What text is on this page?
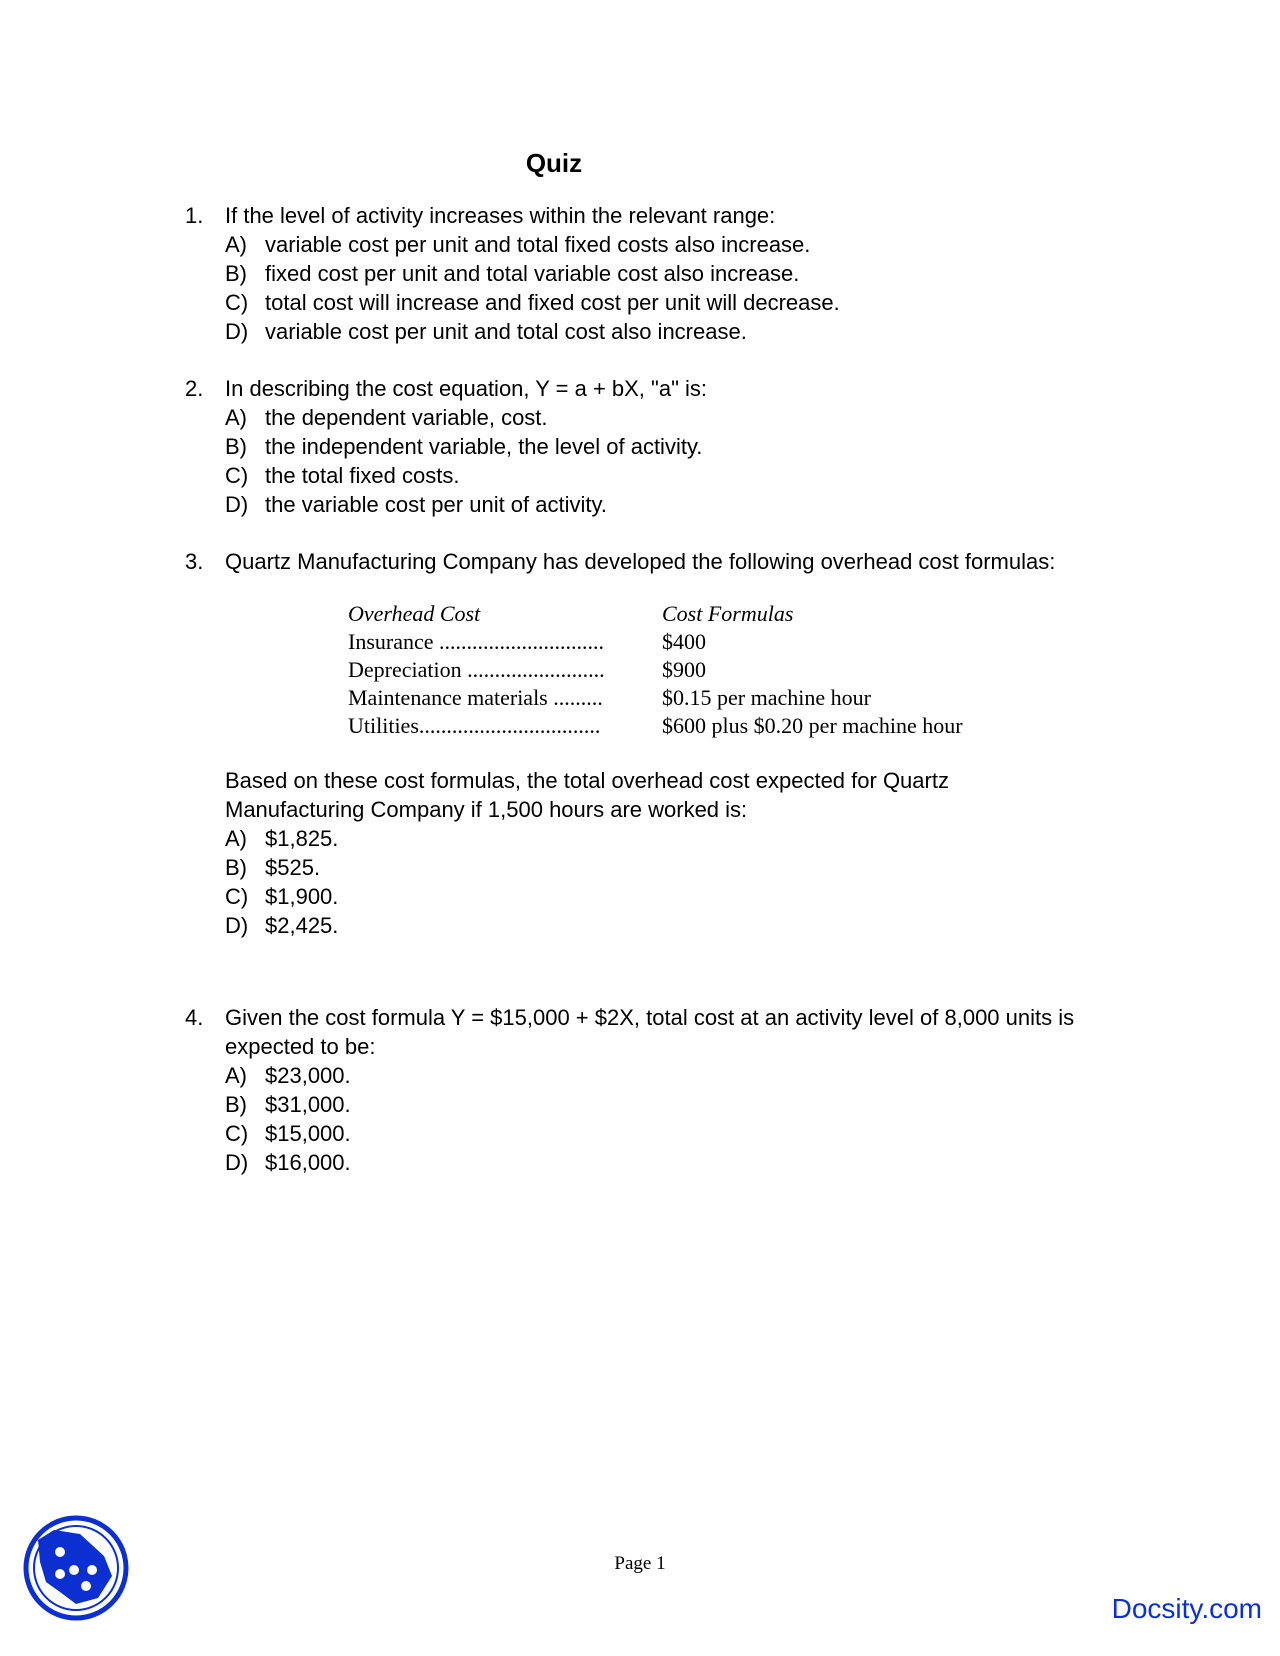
Quiz
1. If the level of activity increases within the relevant range:
A) variable cost per unit and total fixed costs also increase.
B) fixed cost per unit and total variable cost also increase.
C) total cost will increase and fixed cost per unit will decrease.
D) variable cost per unit and total cost also increase.
2. In describing the cost equation, Y = a + bX, "a" is:
A) the dependent variable, cost.
B) the independent variable, the level of activity.
C) the total fixed costs.
D) the variable cost per unit of activity.
3. Quartz Manufacturing Company has developed the following overhead cost formulas:
Overhead Cost	Cost Formulas
Insurance ..............................	$400
Depreciation .........................	$900
Maintenance materials .........	$0.15 per machine hour
Utilities.................................	$600 plus $0.20 per machine hour
Based on these cost formulas, the total overhead cost expected for Quartz Manufacturing Company if 1,500 hours are worked is:
A) $1,825.
B) $525.
C) $1,900.
D) $2,425.
4. Given the cost formula Y = $15,000 + $2X, total cost at an activity level of 8,000 units is expected to be:
A) $23,000.
B) $31,000.
C) $15,000.
D) $16,000.
Page 1
Docsity.com
